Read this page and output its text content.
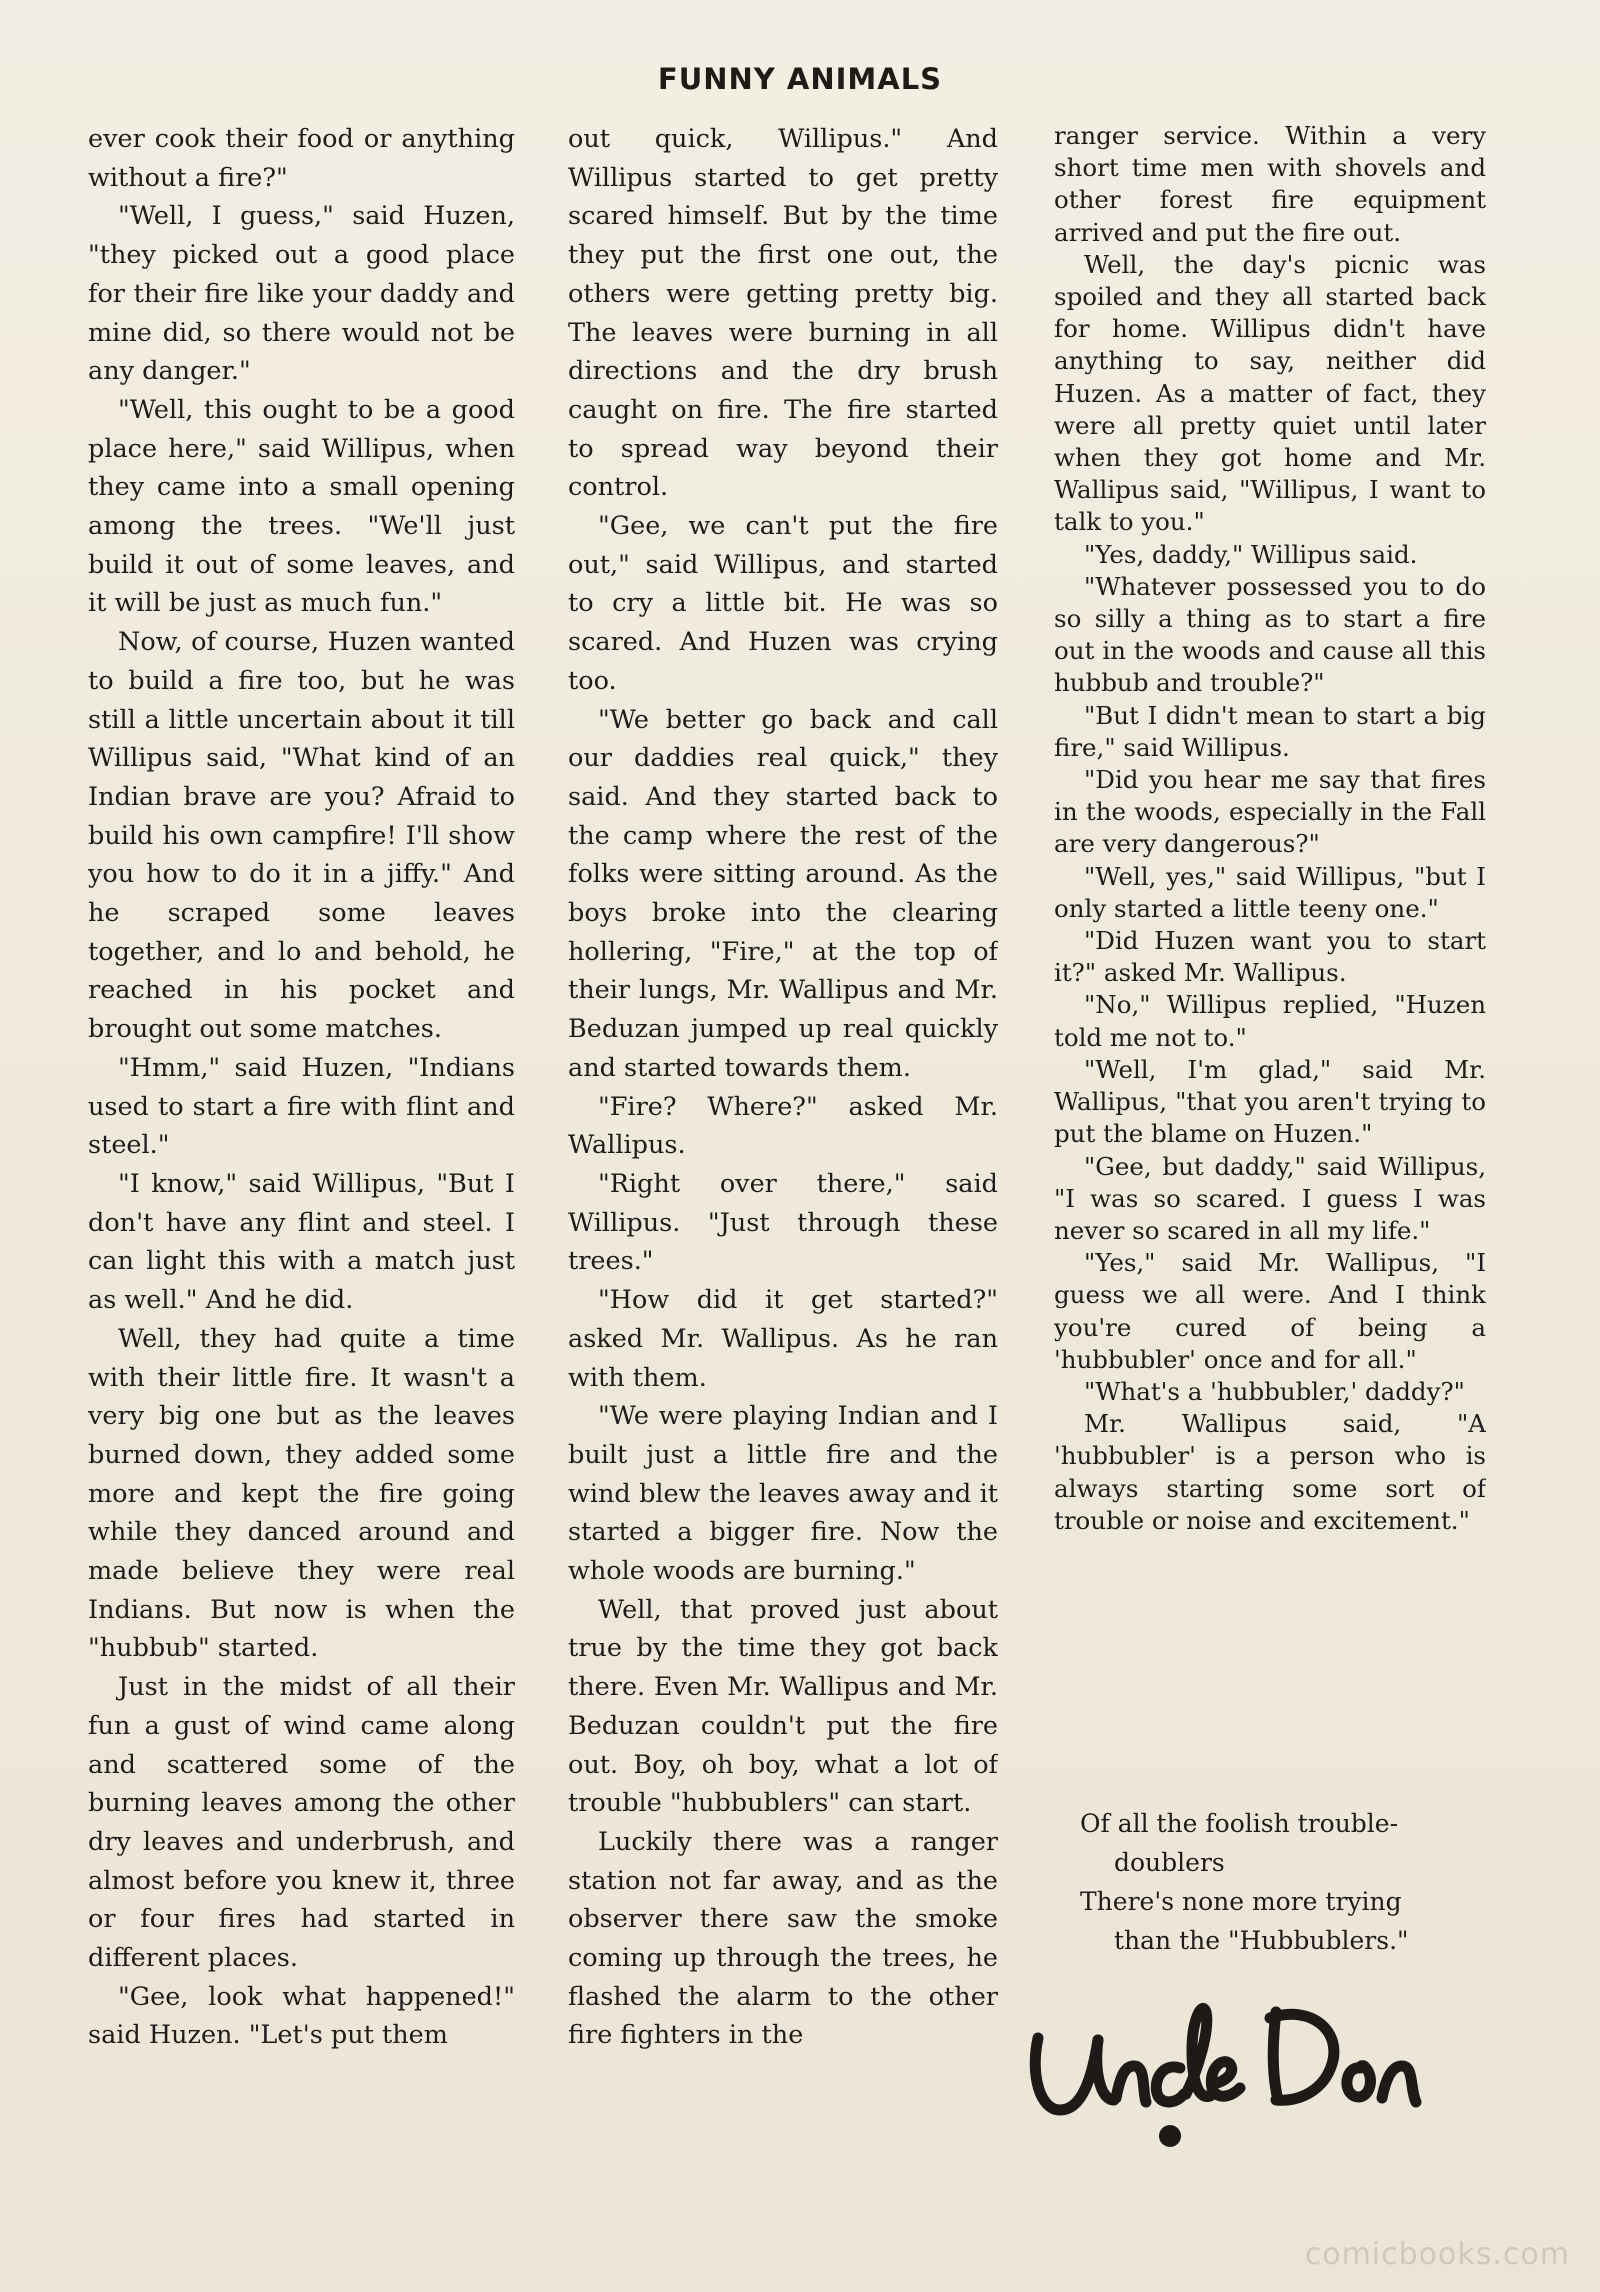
FUNNY ANIMALS

ever cook their food or anything without a fire?"

"Well, I guess," said Huzen, "they picked out a good place for their fire like your daddy and mine did, so there would not be any danger."

"Well, this ought to be a good place here," said Willipus, when they came into a small opening among the trees. "We'll just build it out of some leaves, and it will be just as much fun."

Now, of course, Huzen wanted to build a fire too, but he was still a little uncertain about it till Willipus said, "What kind of an Indian brave are you? Afraid to build his own campfire! I'll show you how to do it in a jiffy." And he scraped some leaves together, and lo and behold, he reached in his pocket and brought out some matches.

"Hmm," said Huzen, "Indians used to start a fire with flint and steel."

"I know," said Willipus, "But I don't have any flint and steel. I can light this with a match just as well." And he did.

Well, they had quite a time with their little fire. It wasn't a very big one but as the leaves burned down, they added some more and kept the fire going while they danced around and made believe they were real Indians. But now is when the "hubbub" started.

Just in the midst of all their fun a gust of wind came along and scattered some of the burning leaves among the other dry leaves and underbrush, and almost before you knew it, three or four fires had started in different places.

"Gee, look what happened!" said Huzen. "Let's put them

out quick, Willipus." And Willipus started to get pretty scared himself. But by the time they put the first one out, the others were getting pretty big. The leaves were burning in all directions and the dry brush caught on fire. The fire started to spread way beyond their control.

"Gee, we can't put the fire out," said Willipus, and started to cry a little bit. He was so scared. And Huzen was crying too.

"We better go back and call our daddies real quick," they said. And they started back to the camp where the rest of the folks were sitting around. As the boys broke into the clearing hollering, "Fire," at the top of their lungs, Mr. Wallipus and Mr. Beduzan jumped up real quickly and started towards them.

"Fire? Where?" asked Mr. Wallipus.

"Right over there," said Willipus. "Just through these trees."

"How did it get started?" asked Mr. Wallipus. As he ran with them.

"We were playing Indian and I built just a little fire and the wind blew the leaves away and it started a bigger fire. Now the whole woods are burning."

Well, that proved just about true by the time they got back there. Even Mr. Wallipus and Mr. Beduzan couldn't put the fire out. Boy, oh boy, what a lot of trouble "hubbublers" can start.

Luckily there was a ranger station not far away, and as the observer there saw the smoke coming up through the trees, he flashed the alarm to the other fire fighters in the

ranger service. Within a very short time men with shovels and other forest fire equipment arrived and put the fire out.

Well, the day's picnic was spoiled and they all started back for home. Willipus didn't have anything to say, neither did Huzen. As a matter of fact, they were all pretty quiet until later when they got home and Mr. Wallipus said, "Willipus, I want to talk to you."

"Yes, daddy," Willipus said.

"Whatever possessed you to do so silly a thing as to start a fire out in the woods and cause all this hubbub and trouble?"

"But I didn't mean to start a big fire," said Willipus.

"Did you hear me say that fires in the woods, especially in the Fall are very dangerous?"

"Well, yes," said Willipus, "but I only started a little teeny one."

"Did Huzen want you to start it?" asked Mr. Wallipus.

"No," Willipus replied, "Huzen told me not to."

"Well, I'm glad," said Mr. Wallipus, "that you aren't trying to put the blame on Huzen."

"Gee, but daddy," said Willipus, "I was so scared. I guess I was never so scared in all my life."

"Yes," said Mr. Wallipus, "I guess we all were. And I think you're cured of being a 'hubbubler' once and for all."

"What's a 'hubbubler,' daddy?"

Mr. Wallipus said, "A 'hubbubler' is a person who is always starting some sort of trouble or noise and excitement."

Of all the foolish trouble-
doublers
There's none more trying
than the "Hubbublers."
comicbooks.com
